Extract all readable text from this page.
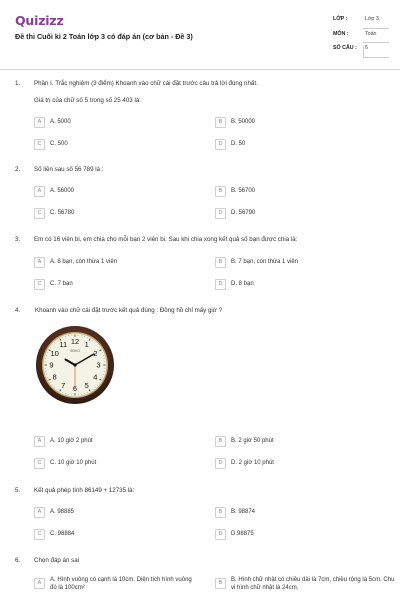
Quizizz
Đề thi Cuối kì 2 Toán lớp 3 có đáp án (cơ bản - Đề 3)
LỚP :	Lớp 3
MÔN :	Toán
SỐ CÂU : 6
1. Phần I. Trắc nghiệm (3 điểm) Khoanh vào chữ cái đặt trước câu trả lời đúng nhất.
Giá trị của chữ số 5 trong số 25 403 là:
A	A. 5000	B	B. 50000
C	C. 500	D	D. 50
2. Số liền sau số 56 789 là :
A	A. 56000	B	B. 56700
C	C. 56780	D	D. 56790
3. Em có 16 viên bi, em chia cho mỗi bạn 2 viên bi. Sau khi chia xong kết quả số bạn được chia là:
A	A. 8 bạn, còn thừa 1 viên	B	B. 7 bạn, còn thừa 1 viên
C	C. 7 bạn	D	D. 8 bạn
4. Khoanh vào chữ cái đặt trước kết quả đúng : Đồng hồ chỉ mấy giờ ?
12 1
2
3
4
5
6
7
8
9
10
11
SEIKO
A	A. 10 giờ 2 phút	B	B. 2 giờ 50 phút
C	C. 10 giờ 10 phút	D	D. 2 giờ 10 phút
5. Kết quả phép tính 86149 + 12735 là:
A	A. 98885	B	B. 98874
C	C. 98884	D	D.98875
6. Chọn đáp án sai
A	A. Hình vuông có cạnh là 10cm. Diện tích hình vuông đó là 100cm²
B	B. Hình chữ nhật có chiều dài là 7cm, chiều rộng là 5cm. Chu vi hình chữ nhật là 24cm.
